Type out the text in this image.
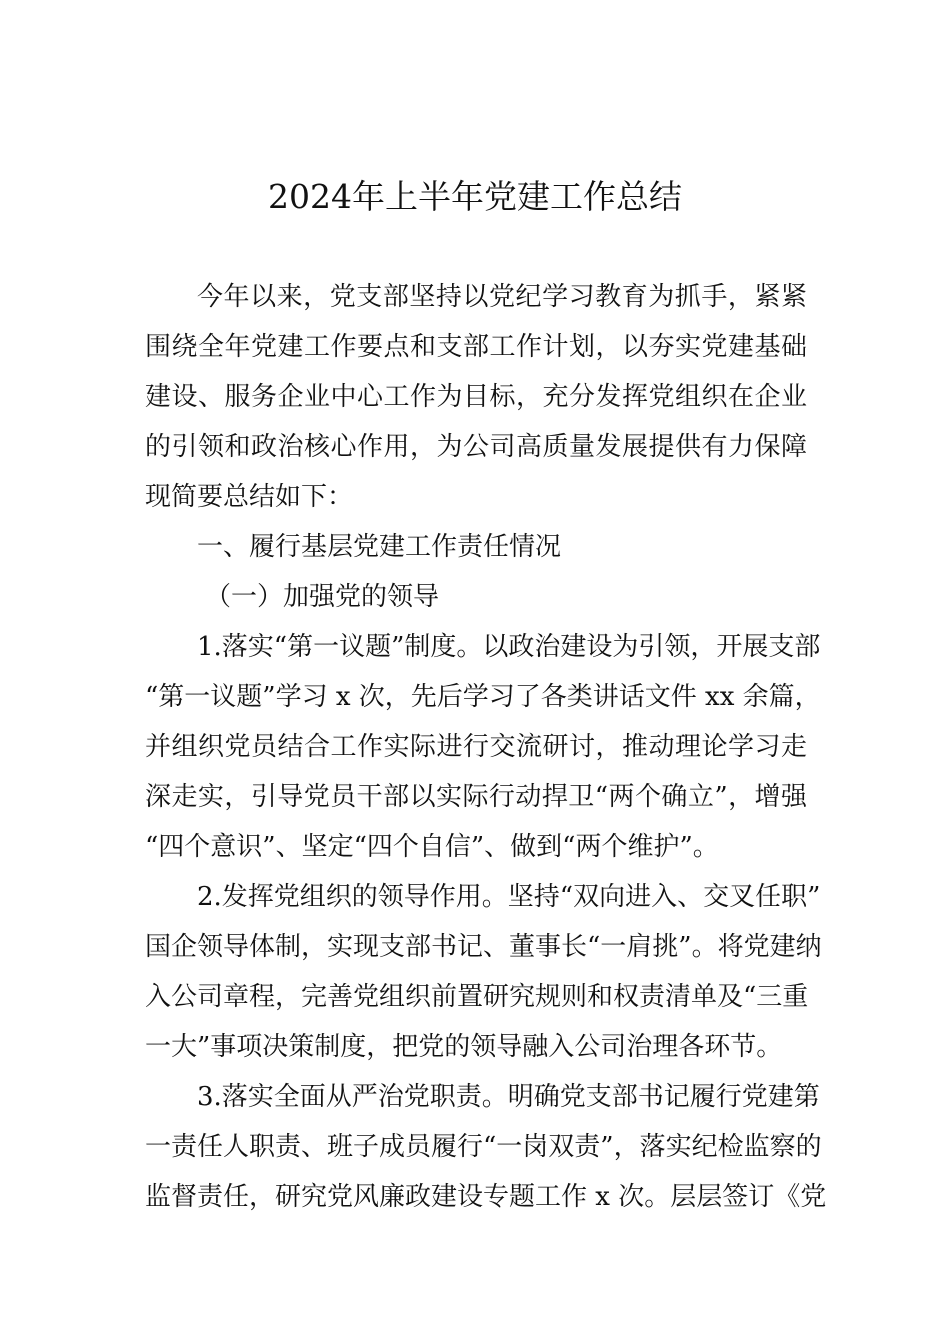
2024年上半年党建工作总结
今年以来，党支部坚持以党纪学习教育为抓手，紧紧
围绕全年党建工作要点和支部工作计划，以夯实党建基础
建设、服务企业中心工作为目标，充分发挥党组织在企业
的引领和政治核心作用，为公司高质量发展提供有力保障
现简要总结如下：
一、履行基层党建工作责任情况
（一）加强党的领导
1.落实“第一议题”制度。以政治建设为引领，开展支部
“第一议题”学习 x 次，先后学习了各类讲话文件 xx 余篇，
并组织党员结合工作实际进行交流研讨，推动理论学习走
深走实，引导党员干部以实际行动捍卫“两个确立”，增强
“四个意识”、坚定“四个自信”、做到“两个维护”。
2.发挥党组织的领导作用。坚持“双向进入、交叉任职”
国企领导体制，实现支部书记、董事长“一肩挑”。将党建纳
入公司章程，完善党组织前置研究规则和权责清单及“三重
一大”事项决策制度，把党的领导融入公司治理各环节。
3.落实全面从严治党职责。明确党支部书记履行党建第
一责任人职责、班子成员履行“一岗双责”，落实纪检监察的
监督责任，研究党风廉政建设专题工作 x 次。层层签订《党
